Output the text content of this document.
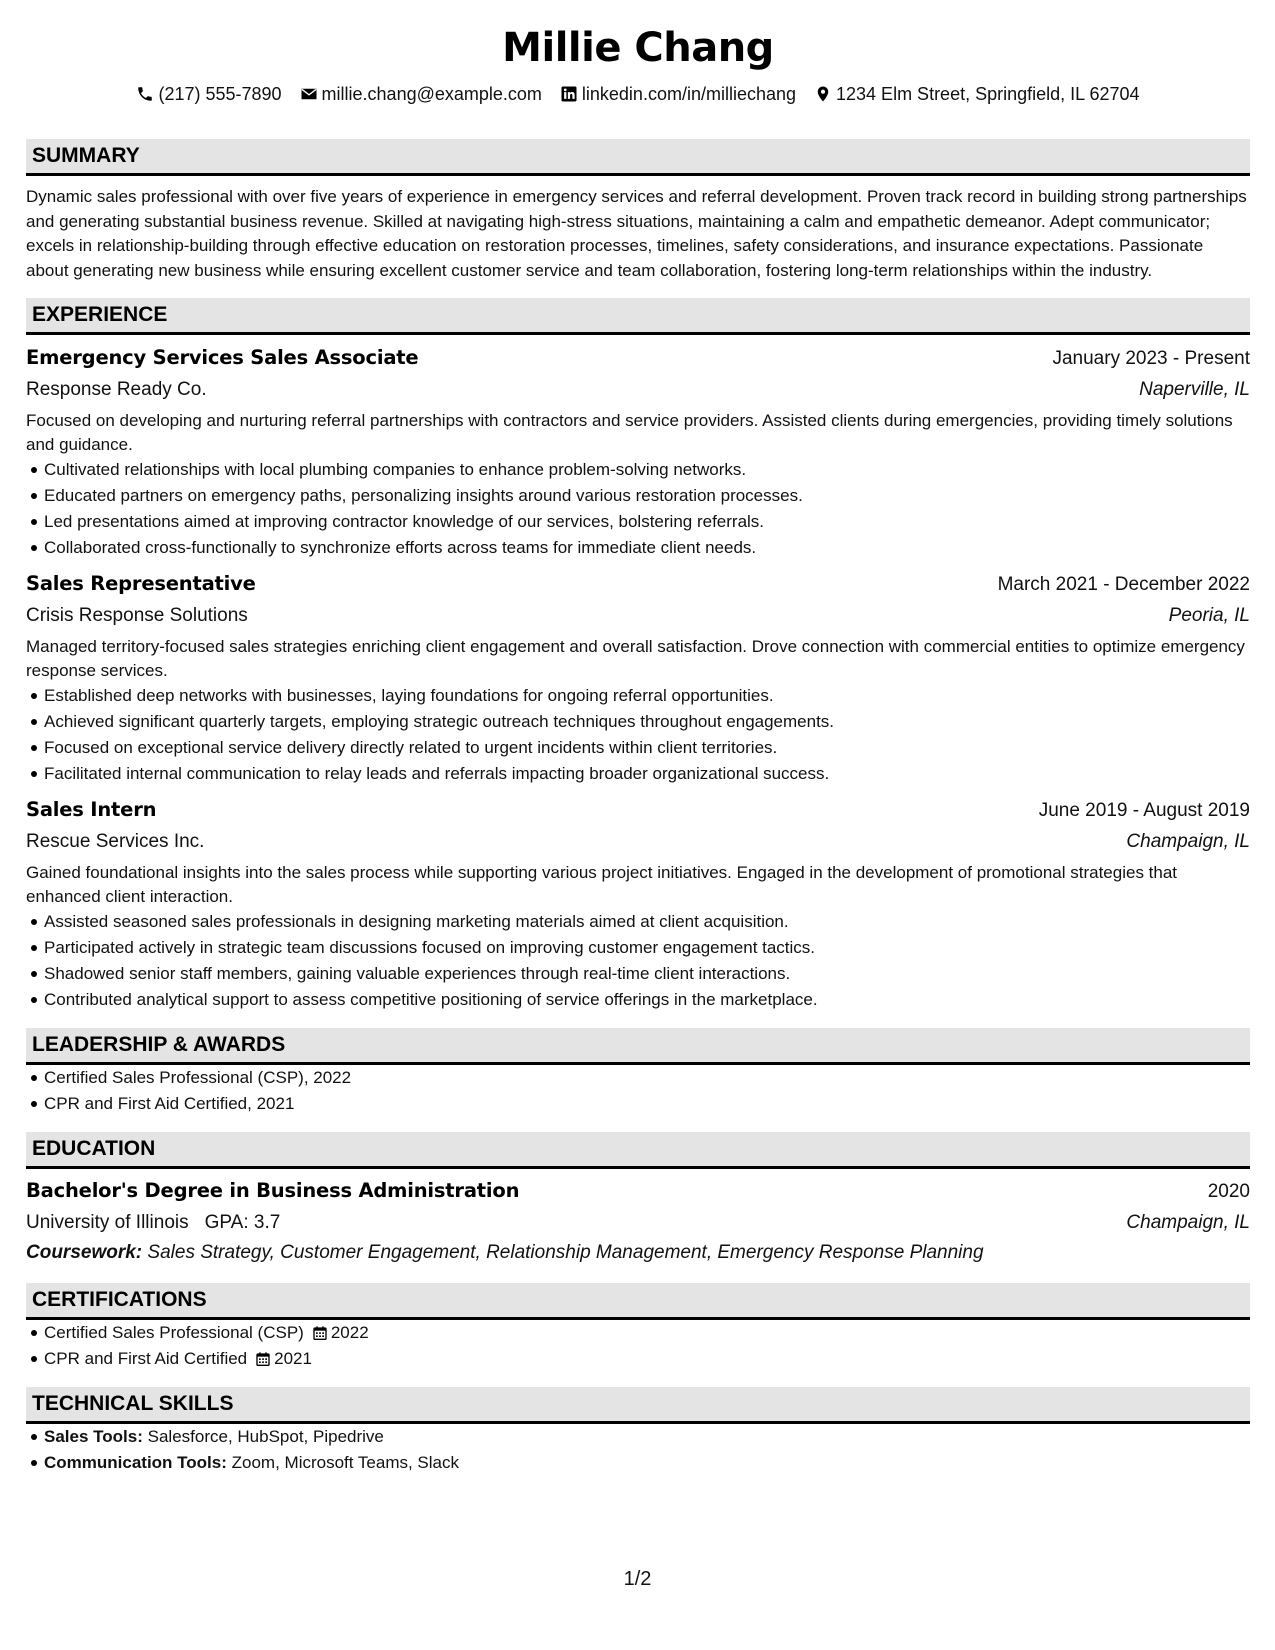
Millie Chang
(217) 555-7890 millie.chang@example.com linkedin.com/in/milliechang 1234 Elm Street, Springfield, IL 62704
SUMMARY
Dynamic sales professional with over five years of experience in emergency services and referral development. Proven track record in building strong partnerships and generating substantial business revenue. Skilled at navigating high-stress situations, maintaining a calm and empathetic demeanor. Adept communicator; excels in relationship-building through effective education on restoration processes, timelines, safety considerations, and insurance expectations. Passionate about generating new business while ensuring excellent customer service and team collaboration, fostering long-term relationships within the industry.
EXPERIENCE
Emergency Services Sales Associate	January 2023 - Present
Response Ready Co.	Naperville, IL
Focused on developing and nurturing referral partnerships with contractors and service providers. Assisted clients during emergencies, providing timely solutions and guidance.
Cultivated relationships with local plumbing companies to enhance problem-solving networks.
Educated partners on emergency paths, personalizing insights around various restoration processes.
Led presentations aimed at improving contractor knowledge of our services, bolstering referrals.
Collaborated cross-functionally to synchronize efforts across teams for immediate client needs.
Sales Representative	March 2021 - December 2022
Crisis Response Solutions	Peoria, IL
Managed territory-focused sales strategies enriching client engagement and overall satisfaction. Drove connection with commercial entities to optimize emergency response services.
Established deep networks with businesses, laying foundations for ongoing referral opportunities.
Achieved significant quarterly targets, employing strategic outreach techniques throughout engagements.
Focused on exceptional service delivery directly related to urgent incidents within client territories.
Facilitated internal communication to relay leads and referrals impacting broader organizational success.
Sales Intern	June 2019 - August 2019
Rescue Services Inc.	Champaign, IL
Gained foundational insights into the sales process while supporting various project initiatives. Engaged in the development of promotional strategies that enhanced client interaction.
Assisted seasoned sales professionals in designing marketing materials aimed at client acquisition.
Participated actively in strategic team discussions focused on improving customer engagement tactics.
Shadowed senior staff members, gaining valuable experiences through real-time client interactions.
Contributed analytical support to assess competitive positioning of service offerings in the marketplace.
LEADERSHIP & AWARDS
Certified Sales Professional (CSP), 2022
CPR and First Aid Certified, 2021
EDUCATION
Bachelor's Degree in Business Administration	2020
University of Illinois GPA: 3.7	Champaign, IL
Coursework: Sales Strategy, Customer Engagement, Relationship Management, Emergency Response Planning
CERTIFICATIONS
Certified Sales Professional (CSP) 2022
CPR and First Aid Certified 2021
TECHNICAL SKILLS
Sales Tools: Salesforce, HubSpot, Pipedrive
Communication Tools: Zoom, Microsoft Teams, Slack
1/2
